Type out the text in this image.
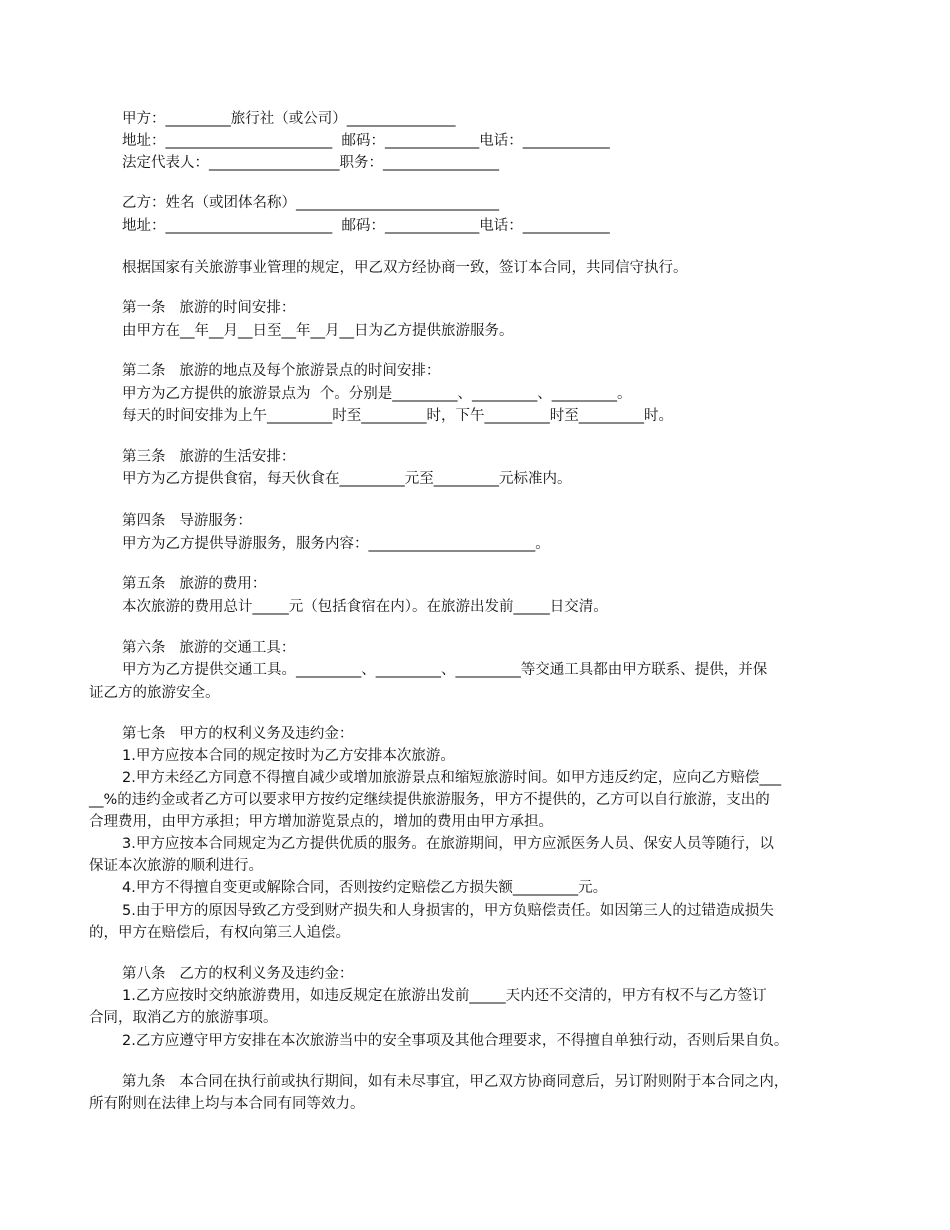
甲方：_________旅行社（或公司）_______________
地址：_______________________  邮码：_____________电话：____________
法定代表人：__________________职务：________________
乙方：姓名（或团体名称）____________________________
地址：_______________________  邮码：_____________电话：____________
根据国家有关旅游事业管理的规定，甲乙双方经协商一致，签订本合同，共同信守执行。
第一条   旅游的时间安排：
由甲方在__年__月__日至__年__月__日为乙方提供旅游服务。
第二条   旅游的地点及每个旅游景点的时间安排：
甲方为乙方提供的旅游景点为  个。分别是_________、_________、_________。
每天的时间安排为上午_________时至_________时，下午_________时至_________时。
第三条   旅游的生活安排：
甲方为乙方提供食宿，每天伙食在_________元至_________元标准内。
第四条   导游服务：
甲方为乙方提供导游服务，服务内容：_______________________。
第五条   旅游的费用：
本次旅游的费用总计_____元（包括食宿在内）。在旅游出发前_____日交清。
第六条   旅游的交通工具：
甲方为乙方提供交通工具。_________、_________、_________等交通工具都由甲方联系、提供，并保
证乙方的旅游安全。
第七条   甲方的权利义务及违约金：
1.甲方应按本合同的规定按时为乙方安排本次旅游。
2.甲方未经乙方同意不得擅自减少或增加旅游景点和缩短旅游时间。如甲方违反约定，应向乙方赔偿___
__%的违约金或者乙方可以要求甲方按约定继续提供旅游服务，甲方不提供的，乙方可以自行旅游，支出的
合理费用，由甲方承担；甲方增加游览景点的，增加的费用由甲方承担。
3.甲方应按本合同规定为乙方提供优质的服务。在旅游期间，甲方应派医务人员、保安人员等随行，以
保证本次旅游的顺利进行。
4.甲方不得擅自变更或解除合同，否则按约定赔偿乙方损失额_________元。
5.由于甲方的原因导致乙方受到财产损失和人身损害的，甲方负赔偿责任。如因第三人的过错造成损失
的，甲方在赔偿后，有权向第三人追偿。
第八条   乙方的权利义务及违约金：
1.乙方应按时交纳旅游费用，如违反规定在旅游出发前_____天内还不交清的，甲方有权不与乙方签订
合同，取消乙方的旅游事项。
2.乙方应遵守甲方安排在本次旅游当中的安全事项及其他合理要求，不得擅自单独行动，否则后果自负。
第九条   本合同在执行前或执行期间，如有未尽事宜，甲乙双方协商同意后，另订附则附于本合同之内，
所有附则在法律上均与本合同有同等效力。
